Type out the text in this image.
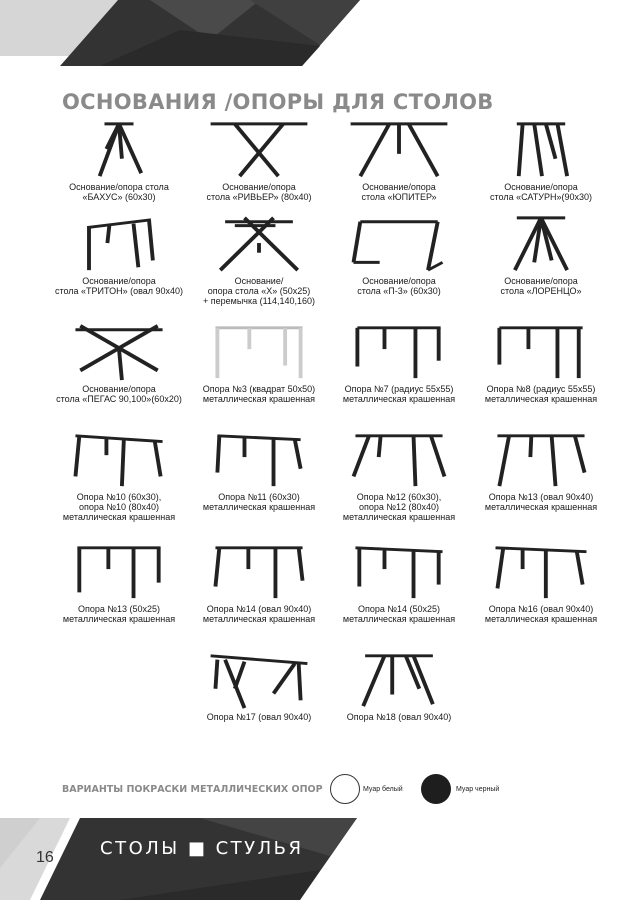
ОСНОВАНИЯ /ОПОРЫ ДЛЯ СТОЛОВ
Основание/опора стола
«БАХУС» (60x30)
Основание/опора
стола «РИВЬЕР» (80x40)
Основание/опора
стола «ЮПИТЕР»
Основание/опора
стола «САТУРН»(90x30)
Основание/опора
стола «ТРИТОН» (овал 90x40)
Основание/
опора стола «X» (50x25)
+ перемычка (114,140,160)
Основание/опора
стола «П-3» (60x30)
Основание/опора
стола «ЛОРЕНЦО»
Основание/опора
стола «ПЕГАС 90,100»(60x20)
Опора №3 (квадрат 50x50)
металлическая крашенная
Опора №7 (радиус 55x55)
металлическая крашенная
Опора №8 (радиус 55x55)
металлическая крашенная
Опора №10 (60x30),
опора №10 (80x40)
металлическая крашенная
Опора №11 (60x30)
металлическая крашенная
Опора №12 (60x30),
опора №12 (80x40)
металлическая крашенная
Опора №13 (овал 90x40)
металлическая крашенная
Опора №13 (50x25)
металлическая крашенная
Опора №14 (овал 90x40)
металлическая крашенная
Опора №14 (50x25)
металлическая крашенная
Опора №16 (овал 90x40)
металлическая крашенная
Опора №17 (овал 90x40)	Опора №18 (овал 90x40)
ВАРИАНТЫ ПОКРАСКИ МЕТАЛЛИЧЕСКИХ ОПОР	Муар белый	Муар черный
16	СТОЛЫ ■ СТУЛЬЯ
